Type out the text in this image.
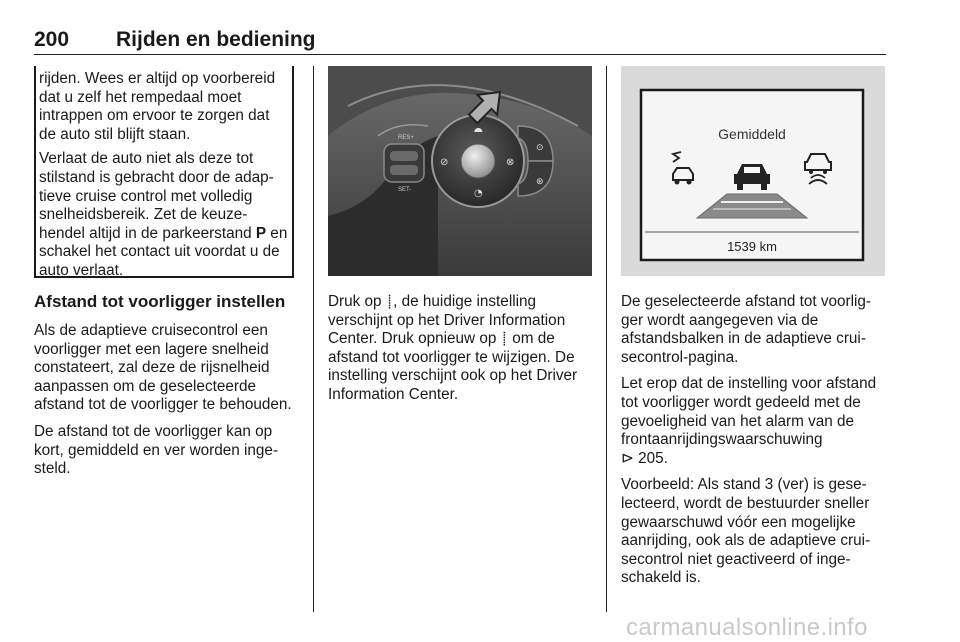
200 Rijden en bediening

rijden. Wees er altijd op voorbereid dat u zelf het rempedaal moet intrappen om ervoor te zorgen dat de auto stil blijft staan.

Verlaat de auto niet als deze tot stilstand is gebracht door de adaptieve cruise control met volledig snelheidsbereik. Zet de keuzehendel altijd in de parkeerstand P en schakel het contact uit voordat u de auto verlaat.

Afstand tot voorligger instellen

Als de adaptieve cruisecontrol een voorligger met een lagere snelheid constateert, zal deze de rijsnelheid aanpassen om de geselecteerde afstand tot de voorligger te behouden.

De afstand tot de voorligger kan op kort, gemiddeld en ver worden ingesteld.

RES+
SET-
⯊
⊘	⊗
◔
⊙
⊛

Druk op ⸽ , de huidige instelling verschijnt op het Driver Information Center. Druk opnieuw op ⸽ om de afstand tot voorligger te wijzigen. De instelling verschijnt ook op het Driver Information Center.

Gemiddeld
1539 km

De geselecteerde afstand tot voorligger wordt aangegeven via de afstandsbalken in de adaptieve cruisecontrol-pagina.

Let erop dat de instelling voor afstand tot voorligger wordt gedeeld met de gevoeligheid van het alarm van de frontaanrijdingswaarschuwing
⊳ 205.

Voorbeeld: Als stand 3 (ver) is geselecteerd, wordt de bestuurder sneller gewaarschuwd vóór een mogelijke aanrijding, ook als de adaptieve cruisecontrol niet geactiveerd of ingeschakeld is.

carmanualsonline.info
